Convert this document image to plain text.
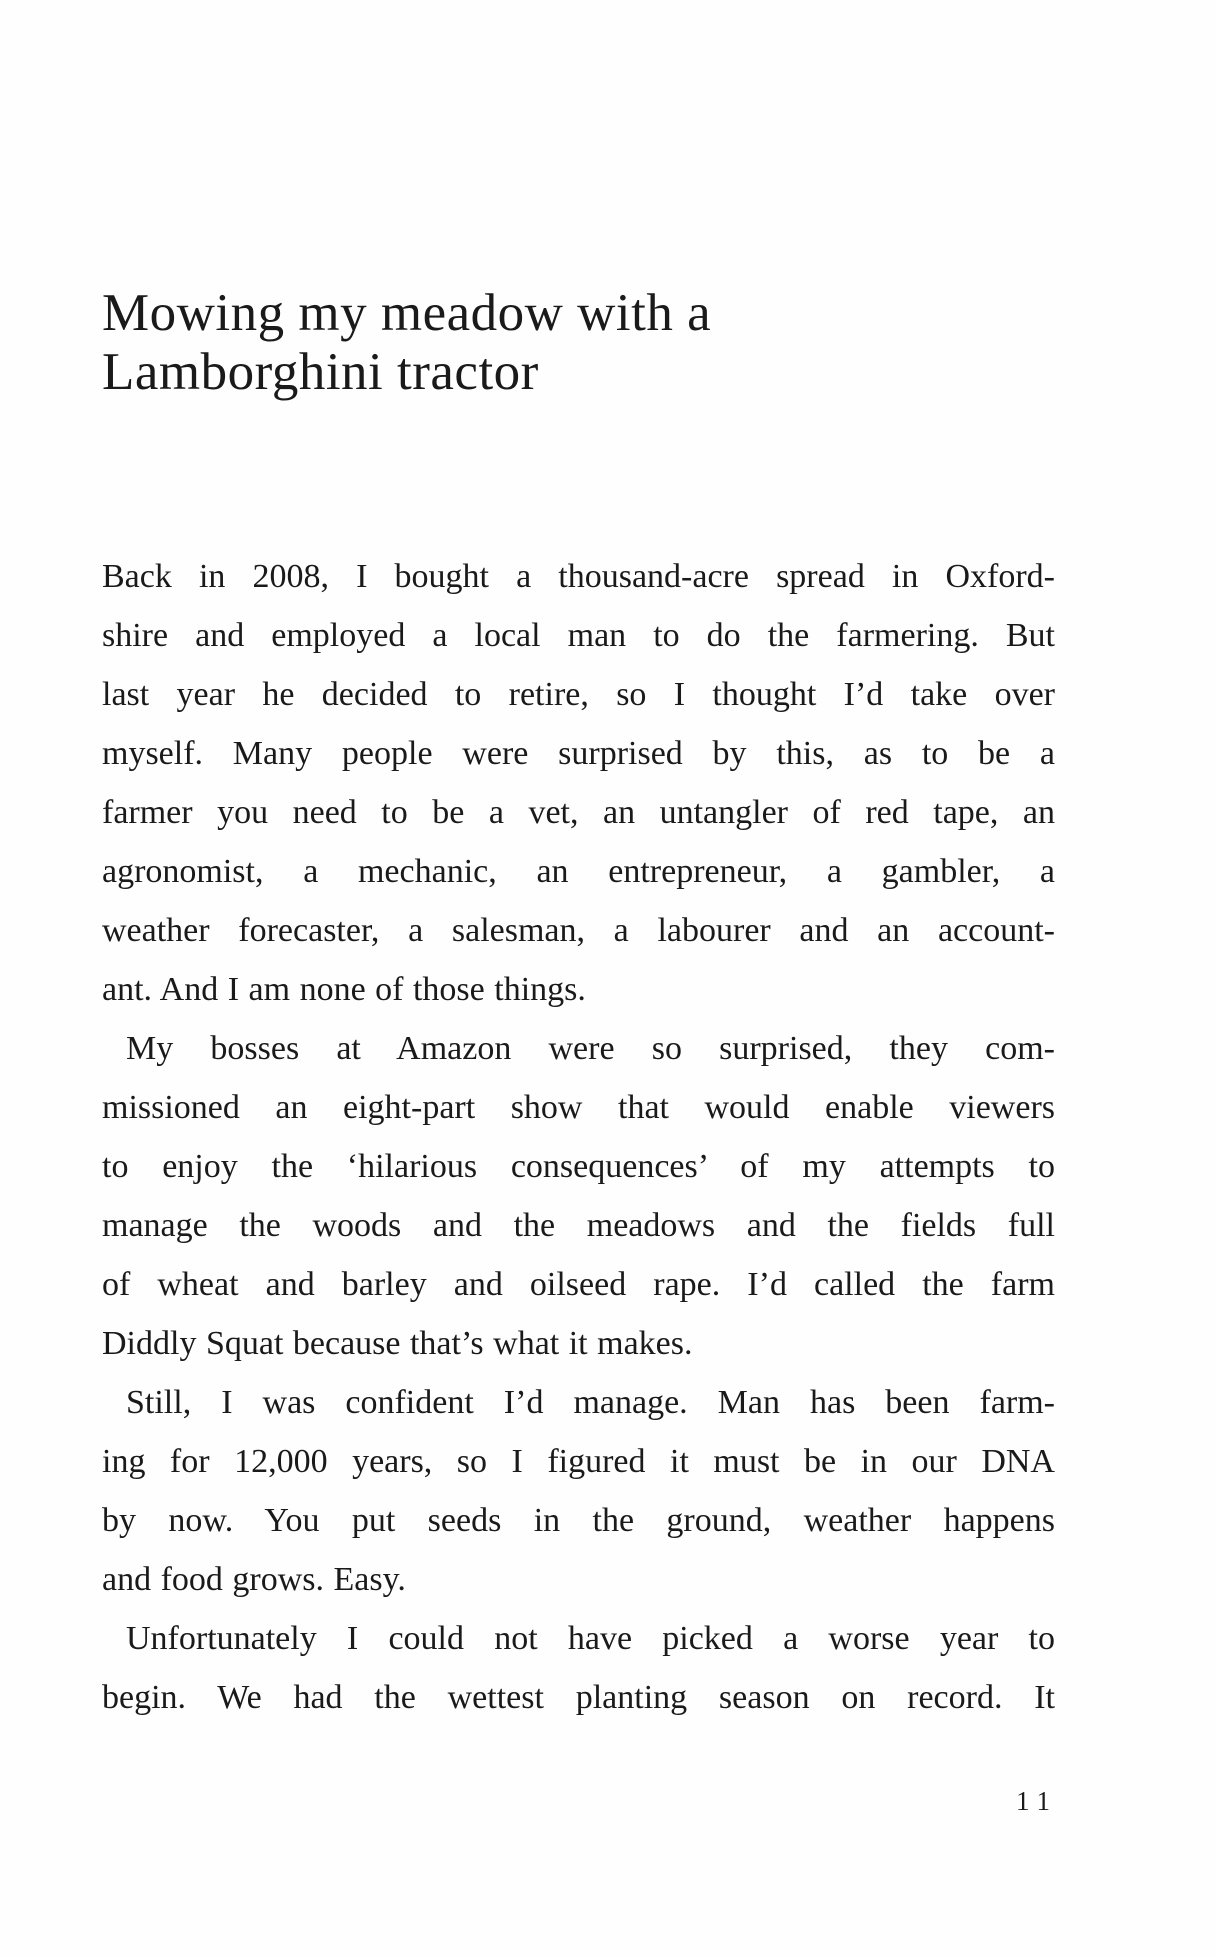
Mowing my meadow with a
Lamborghini tractor
Back in 2008, I bought a thousand-acre spread in Oxford-
shire and employed a local man to do the farmering. But
last year he decided to retire, so I thought I’d take over
myself. Many people were surprised by this, as to be a
farmer you need to be a vet, an untangler of red tape, an
agronomist, a mechanic, an entrepreneur, a gambler, a
weather forecaster, a salesman, a labourer and an account-
ant. And I am none of those things.
My bosses at Amazon were so surprised, they com-
missioned an eight-part show that would enable viewers
to enjoy the ‘hilarious consequences’ of my attempts to
manage the woods and the meadows and the fields full
of wheat and barley and oilseed rape. I’d called the farm
Diddly Squat because that’s what it makes.
Still, I was confident I’d manage. Man has been farm-
ing for 12,000 years, so I figured it must be in our DNA
by now. You put seeds in the ground, weather happens
and food grows. Easy.
Unfortunately I could not have picked a worse year to
begin. We had the wettest planting season on record. It
11
